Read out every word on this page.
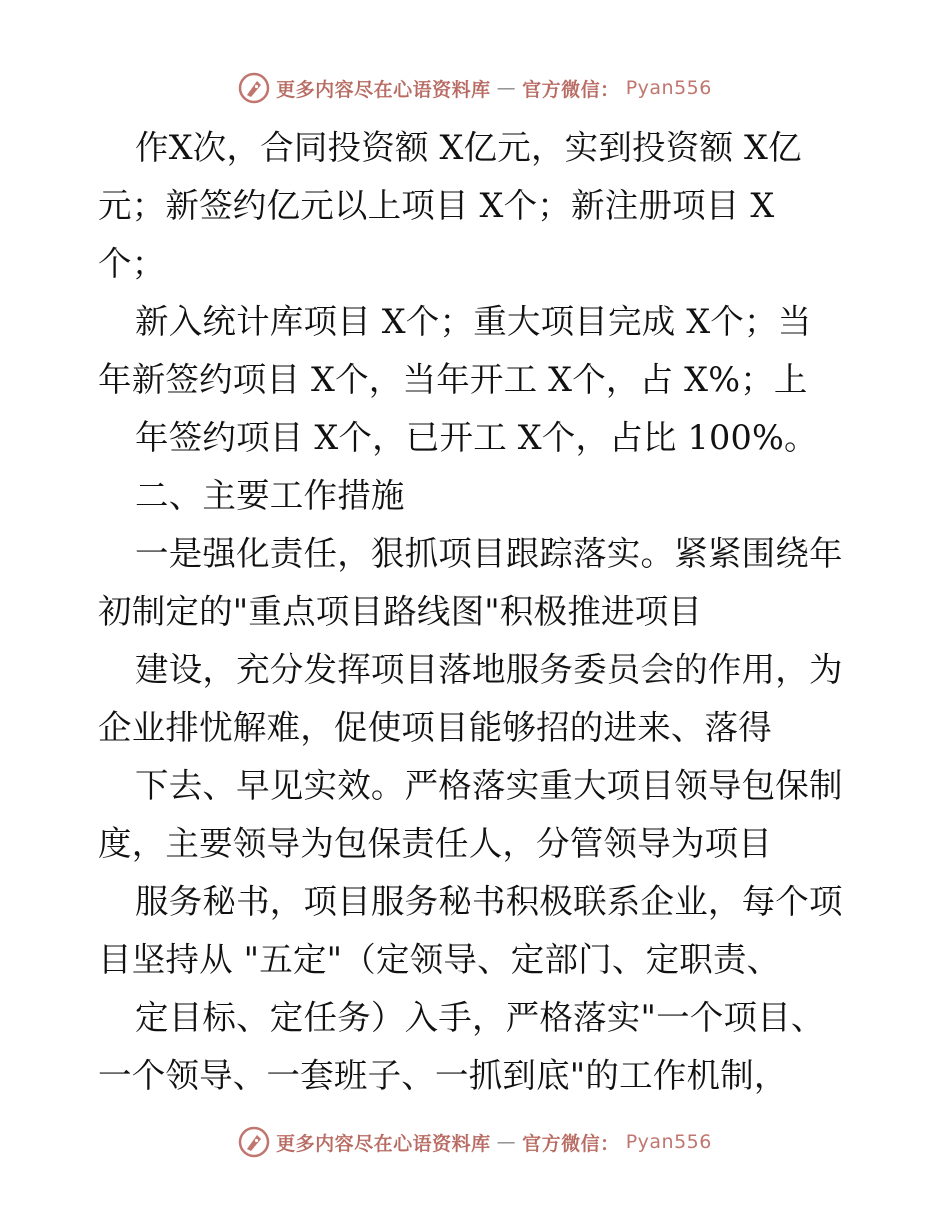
更多内容尽在心语资料库 — 官方微信： Pyan556
作X次，合同投资额 X亿元，实到投资额 X亿
元；新签约亿元以上项目 X个；新注册项目 X
个；
新入统计库项目 X个；重大项目完成 X个；当
年新签约项目 X个，当年开工 X个，占 X%；上
年签约项目 X个，已开工 X个，占比 100%。
二、主要工作措施
一是强化责任，狠抓项目跟踪落实。紧紧围绕年
初制定的"重点项目路线图"积极推进项目
建设，充分发挥项目落地服务委员会的作用，为
企业排忧解难，促使项目能够招的进来、落得
下去、早见实效。严格落实重大项目领导包保制
度，主要领导为包保责任人，分管领导为项目
服务秘书，项目服务秘书积极联系企业，每个项
目坚持从 "五定"（定领导、定部门、定职责、
定目标、定任务）入手，严格落实"一个项目、
一个领导、一套班子、一抓到底"的工作机制，
更多内容尽在心语资料库 — 官方微信： Pyan556
